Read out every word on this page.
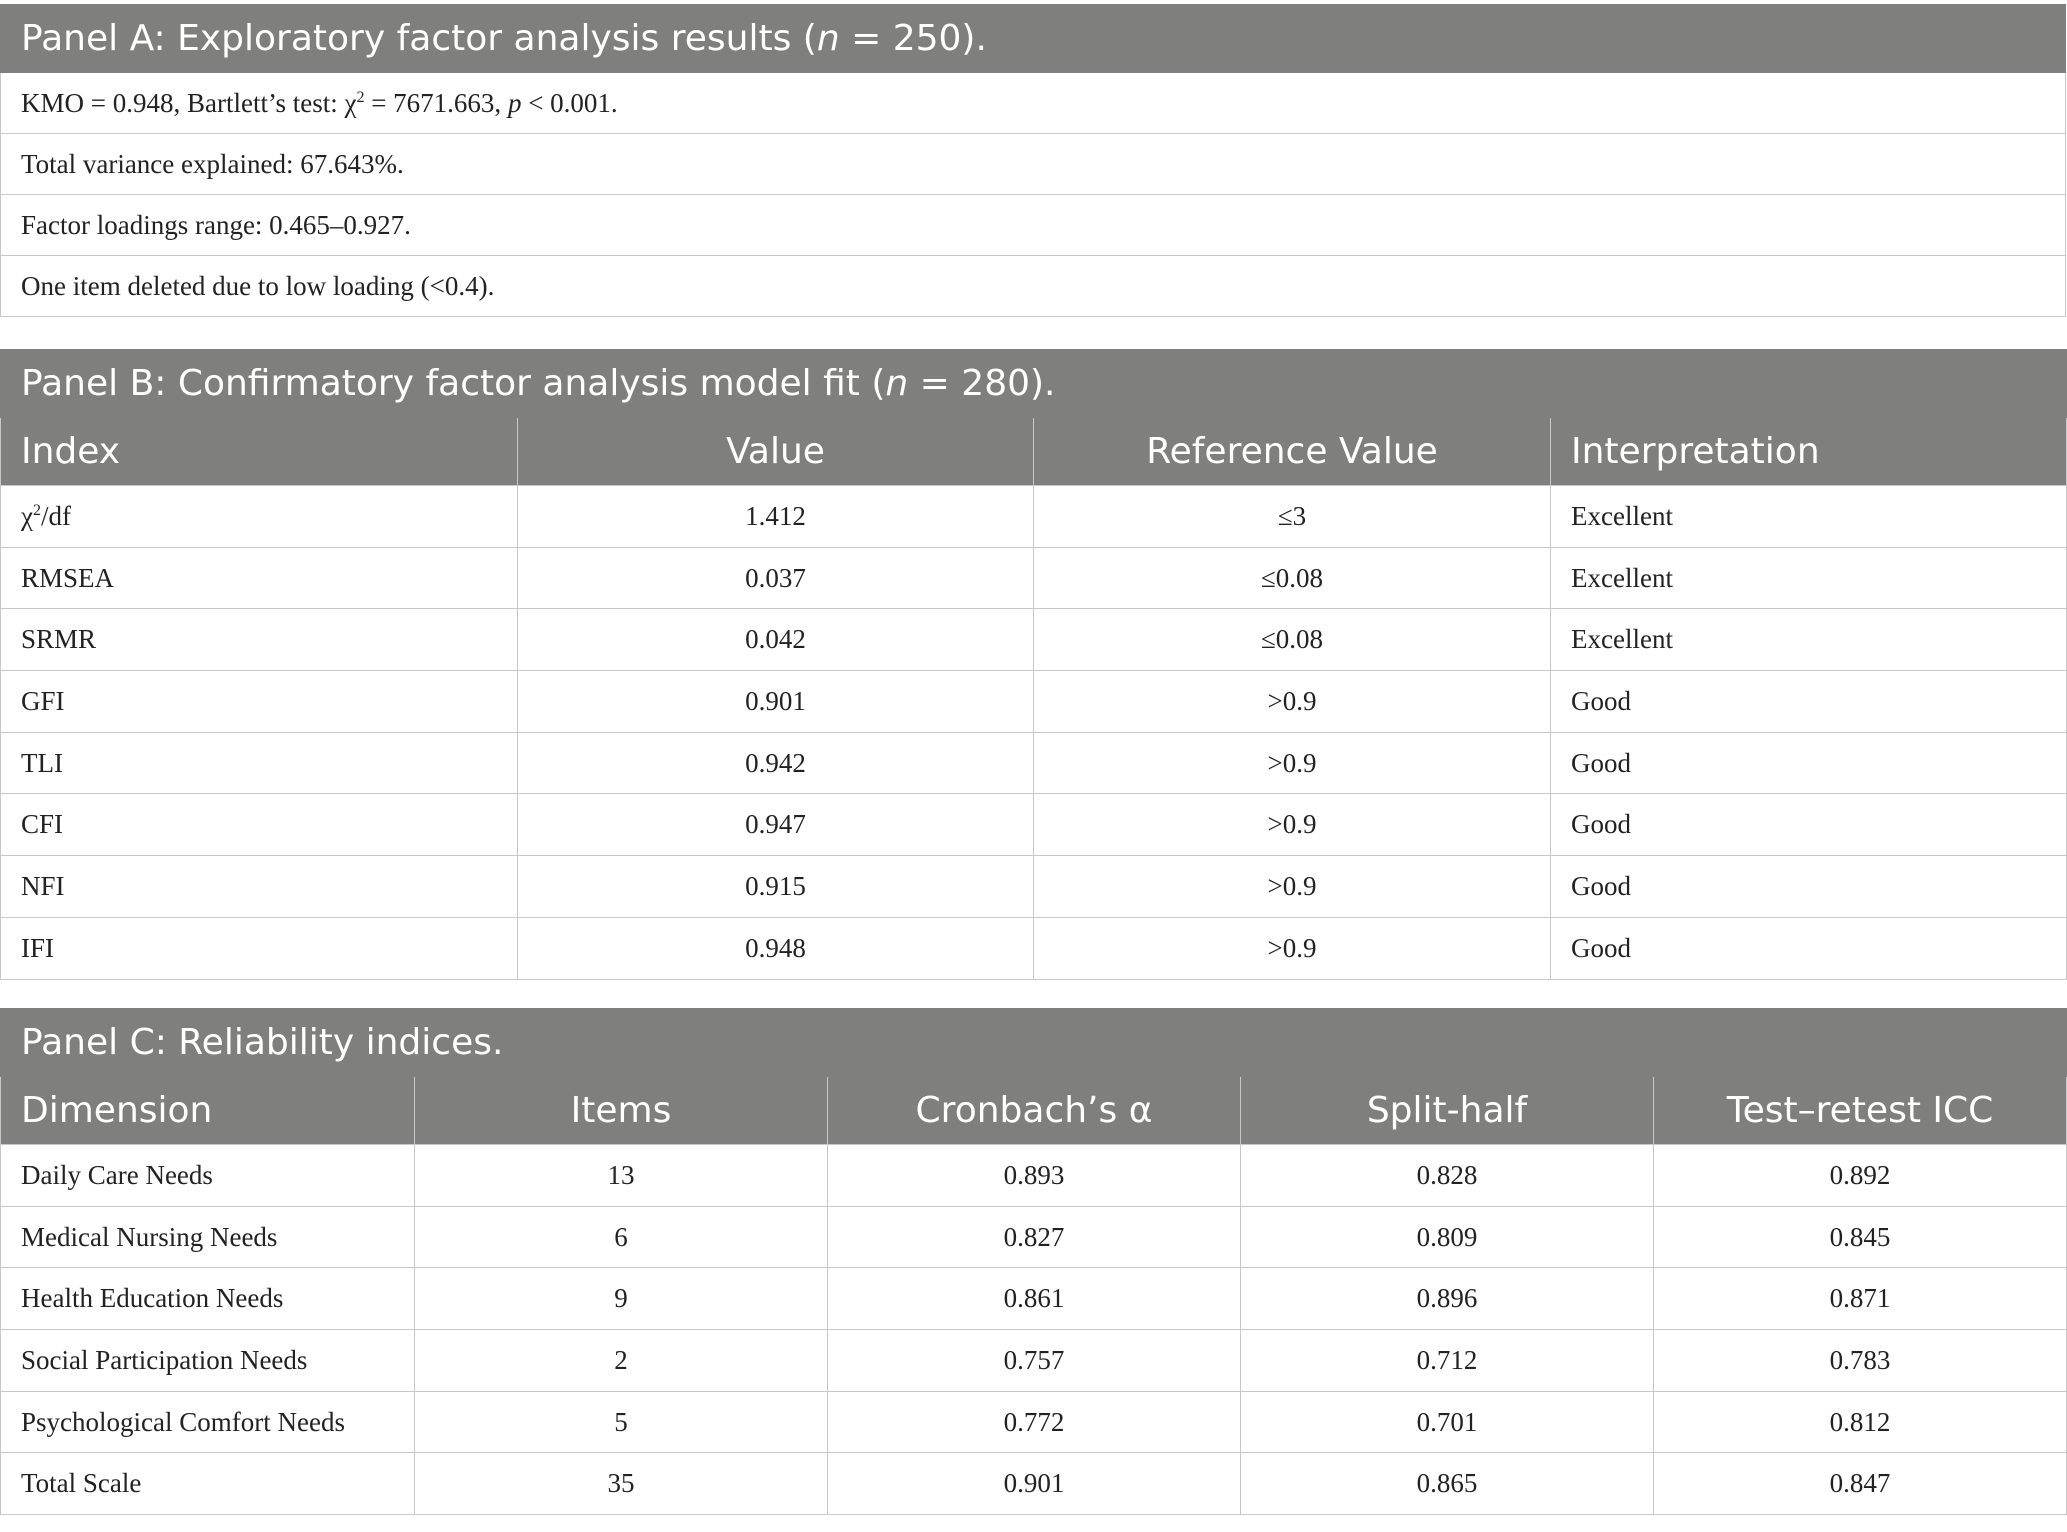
Panel A: Exploratory factor analysis results (n = 250).
KMO = 0.948, Bartlett’s test: $\chi^2 = 7671.663$, p < 0.001.
Total variance explained: 67.643%.
Factor loadings range: 0.465–0.927.
One item deleted due to low loading (<0.4).
Panel B: Confirmatory factor analysis model fit (n = 280).			
Index	Value	Reference Value	Interpretation
$\chi^2/df$	1.412	≤3	Excellent
RMSEA	0.037	≤0.08	Excellent
SRMR	0.042	≤0.08	Excellent
GFI	0.901	>0.9	Good
TLI	0.942	>0.9	Good
CFI	0.947	>0.9	Good
NFI	0.915	>0.9	Good
IFI	0.948	>0.9	Good
Panel C: Reliability indices.				
Dimension	Items	Cronbach’s α	Split-half	Test–retest ICC
Daily Care Needs	13	0.893	0.828	0.892
Medical Nursing Needs	6	0.827	0.809	0.845
Health Education Needs	9	0.861	0.896	0.871
Social Participation Needs	2	0.757	0.712	0.783
Psychological Comfort Needs	5	0.772	0.701	0.812
Total Scale	35	0.901	0.865	0.847
